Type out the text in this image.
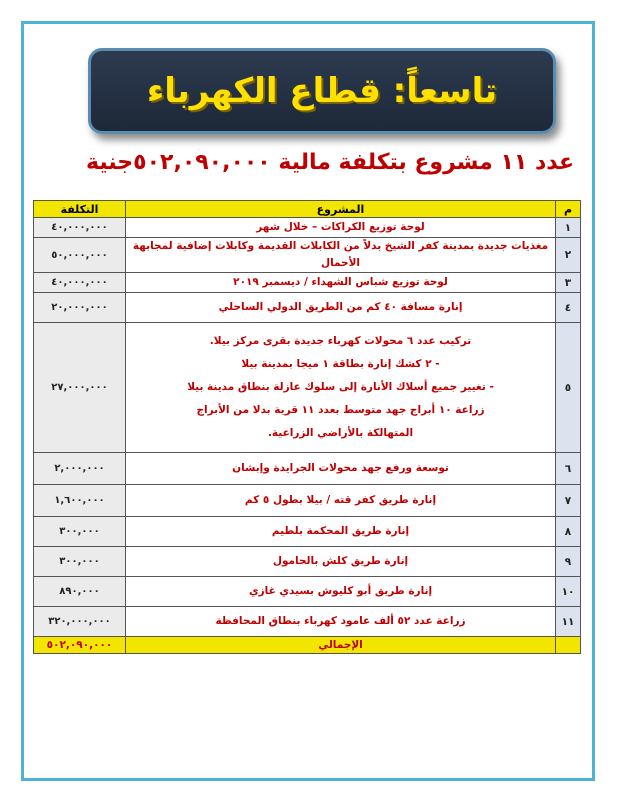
تاسعاً: قطاع الكهرباء
عدد ١١ مشروع بتكلفة مالية ٥٠٢,٠٩٠,٠٠٠جنية
التكلفة	المشروع	م
٤٠,٠٠٠,٠٠٠	لوحة توزيع الكراكات – خلال شهر	١
٥٠,٠٠٠,٠٠٠	مغذيات جديدة بمدينة كفر الشيخ بدلاً من الكابلات القديمة وكابلات إضافية لمجابهة الأحمال	٢
٤٠,٠٠٠,٠٠٠	لوحة توزيع شباس الشهداء / ديسمبر ٢٠١٩	٣
٢٠,٠٠٠,٠٠٠	إنارة مسافة ٤٠ كم من الطريق الدولي الساحلي	٤
٢٧,٠٠٠,٠٠٠	تركيب عدد ٦ محولات كهرباء جديدة بقرى مركز بيلا.
- ٢ كشك إنارة بطاقة ١ ميجا بمدينة بيلا
- تغيير جميع أسلاك الأنارة إلى سلوك عازلة بنطاق مدينة بيلا
زراعة ١٠ أبراج جهد متوسط بعدد ١١ قرية بدلا من الأبراج
المتهالكة بالأراضي الزراعية.	٥
٢,٠٠٠,٠٠٠	توسعة ورفع جهد محولات الجرايدة وإبشان	٦
١,٦٠٠,٠٠٠	إنارة طريق كفر قته / بيلا بطول ٥ كم	٧
٣٠٠,٠٠٠	إنارة طريق المحكمة بلطيم	٨
٣٠٠,٠٠٠	إنارة طريق كلش بالحامول	٩
٨٩٠,٠٠٠	إنارة طريق أبو كليوش بسيدي غازي	١٠
٣٢٠,٠٠٠,٠٠٠	زراعة عدد ٥٢ ألف عامود كهرباء بنطاق المحافظة	١١
٥٠٢,٠٩٠,٠٠٠	الإجمالي	
